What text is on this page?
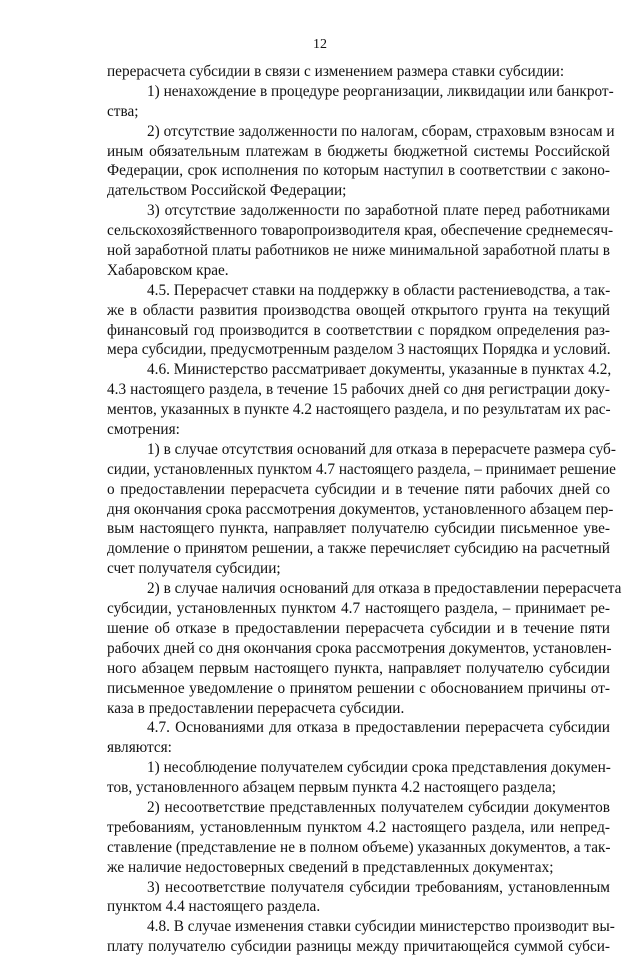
12
перерасчета субсидии в связи с изменением размера ставки субсидии:
1) ненахождение в процедуре реорганизации, ликвидации или банкрот-
ства;
2) отсутствие задолженности по налогам, сборам, страховым взносам и
иным обязательным платежам в бюджеты бюджетной системы Российской
Федерации, срок исполнения по которым наступил в соответствии с законо-
дательством Российской Федерации;
3) отсутствие задолженности по заработной плате перед работниками
сельскохозяйственного товаропроизводителя края, обеспечение среднемесяч-
ной заработной платы работников не ниже минимальной заработной платы в
Хабаровском крае.
4.5. Перерасчет ставки на поддержку в области растениеводства, а так-
же в области развития производства овощей открытого грунта на текущий
финансовый год производится в соответствии с порядком определения раз-
мера субсидии, предусмотренным разделом 3 настоящих Порядка и условий.
4.6. Министерство рассматривает документы, указанные в пунктах 4.2,
4.3 настоящего раздела, в течение 15 рабочих дней со дня регистрации доку-
ментов, указанных в пункте 4.2 настоящего раздела, и по результатам их рас-
смотрения:
1) в случае отсутствия оснований для отказа в перерасчете размера суб-
сидии, установленных пунктом 4.7 настоящего раздела, – принимает решение
о предоставлении перерасчета субсидии и в течение пяти рабочих дней со
дня окончания срока рассмотрения документов, установленного абзацем пер-
вым настоящего пункта, направляет получателю субсидии письменное уве-
домление о принятом решении, а также перечисляет субсидию на расчетный
счет получателя субсидии;
2) в случае наличия оснований для отказа в предоставлении перерасчета
субсидии, установленных пунктом 4.7 настоящего раздела, – принимает ре-
шение об отказе в предоставлении перерасчета субсидии и в течение пяти
рабочих дней со дня окончания срока рассмотрения документов, установлен-
ного абзацем первым настоящего пункта, направляет получателю субсидии
письменное уведомление о принятом решении с обоснованием причины от-
каза в предоставлении перерасчета субсидии.
4.7. Основаниями для отказа в предоставлении перерасчета субсидии
являются:
1) несоблюдение получателем субсидии срока представления докумен-
тов, установленного абзацем первым пункта 4.2 настоящего раздела;
2) несоответствие представленных получателем субсидии документов
требованиям, установленным пунктом 4.2 настоящего раздела, или непред-
ставление (представление не в полном объеме) указанных документов, а так-
же наличие недостоверных сведений в представленных документах;
3) несоответствие получателя субсидии требованиям, установленным
пунктом 4.4 настоящего раздела.
4.8. В случае изменения ставки субсидии министерство производит вы-
плату получателю субсидии разницы между причитающейся суммой субси-
